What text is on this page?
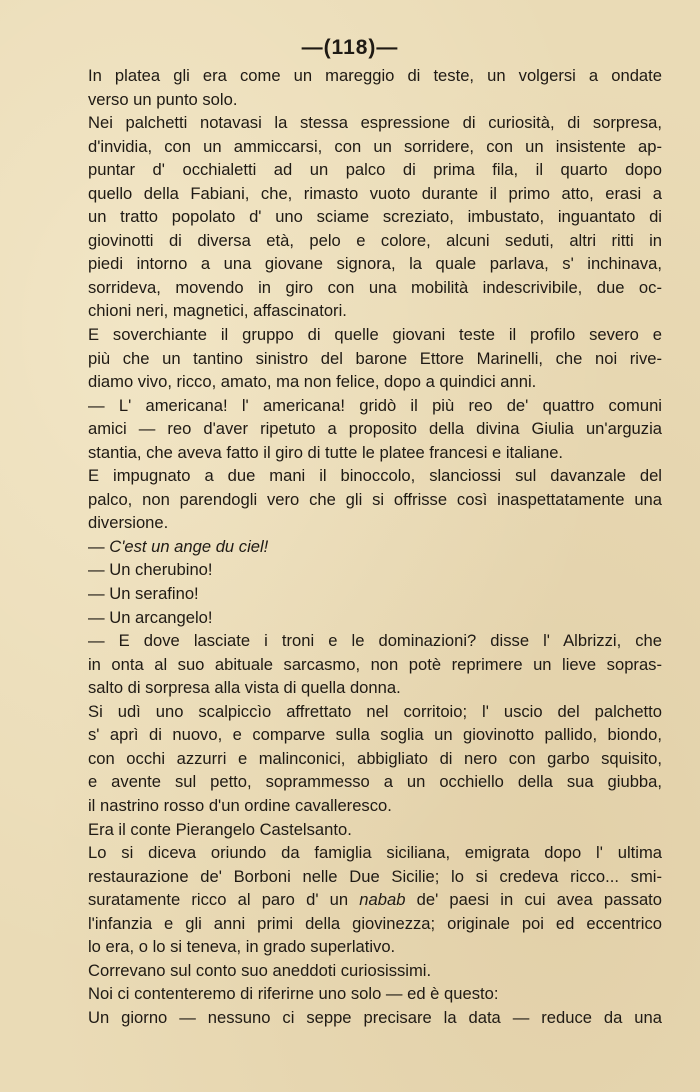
—(118)—

In platea gli era come un mareggio di teste, un volgersi a ondate

verso un punto solo.

Nei palchetti notavasi la stessa espressione di curiosità, di sorpresa,

d'invidia, con un ammiccarsi, con un sorridere, con un insistente ap-

puntar d' occhialetti ad un palco di prima fila, il quarto dopo

quello della Fabiani, che, rimasto vuoto durante il primo atto, erasi a

un tratto popolato d' uno sciame screziato, imbustato, inguantato di

giovinotti di diversa età, pelo e colore, alcuni seduti, altri ritti in

piedi intorno a una giovane signora, la quale parlava, s' inchinava,

sorrideva, movendo in giro con una mobilità indescrivibile, due oc-

chioni neri, magnetici, affascinatori.

E soverchiante il gruppo di quelle giovani teste il profilo severo e

più che un tantino sinistro del barone Ettore Marinelli, che noi rive-

diamo vivo, ricco, amato, ma non felice, dopo a quindici anni.

— L' americana! l' americana! gridò il più reo de' quattro comuni

amici — reo d'aver ripetuto a proposito della divina Giulia un'arguzia

stantia, che aveva fatto il giro di tutte le platee francesi e italiane.

E impugnato a due mani il binoccolo, slanciossi sul davanzale del

palco, non parendogli vero che gli si offrisse così inaspettatamente una

diversione.

— C'est un ange du ciel!

— Un cherubino!

— Un serafino!

— Un arcangelo!

— E dove lasciate i troni e le dominazioni? disse l' Albrizzi, che

in onta al suo abituale sarcasmo, non potè reprimere un lieve sopras-

salto di sorpresa alla vista di quella donna.

Si udì uno scalpiccìo affrettato nel corritoio; l' uscio del palchetto

s' aprì di nuovo, e comparve sulla soglia un giovinotto pallido, biondo,

con occhi azzurri e malinconici, abbigliato di nero con garbo squisito,

e avente sul petto, soprammesso a un occhiello della sua giubba,

il nastrino rosso d'un ordine cavalleresco.

Era il conte Pierangelo Castelsanto.

Lo si diceva oriundo da famiglia siciliana, emigrata dopo l' ultima

restaurazione de' Borboni nelle Due Sicilie; lo si credeva ricco... smi-

suratamente ricco al paro d' un nabab de' paesi in cui avea passato

l'infanzia e gli anni primi della giovinezza; originale poi ed eccentrico

lo era, o lo si teneva, in grado superlativo.

Correvano sul conto suo aneddoti curiosissimi.

Noi ci contenteremo di riferirne uno solo — ed è questo:

Un giorno — nessuno ci seppe precisare la data — reduce da una
